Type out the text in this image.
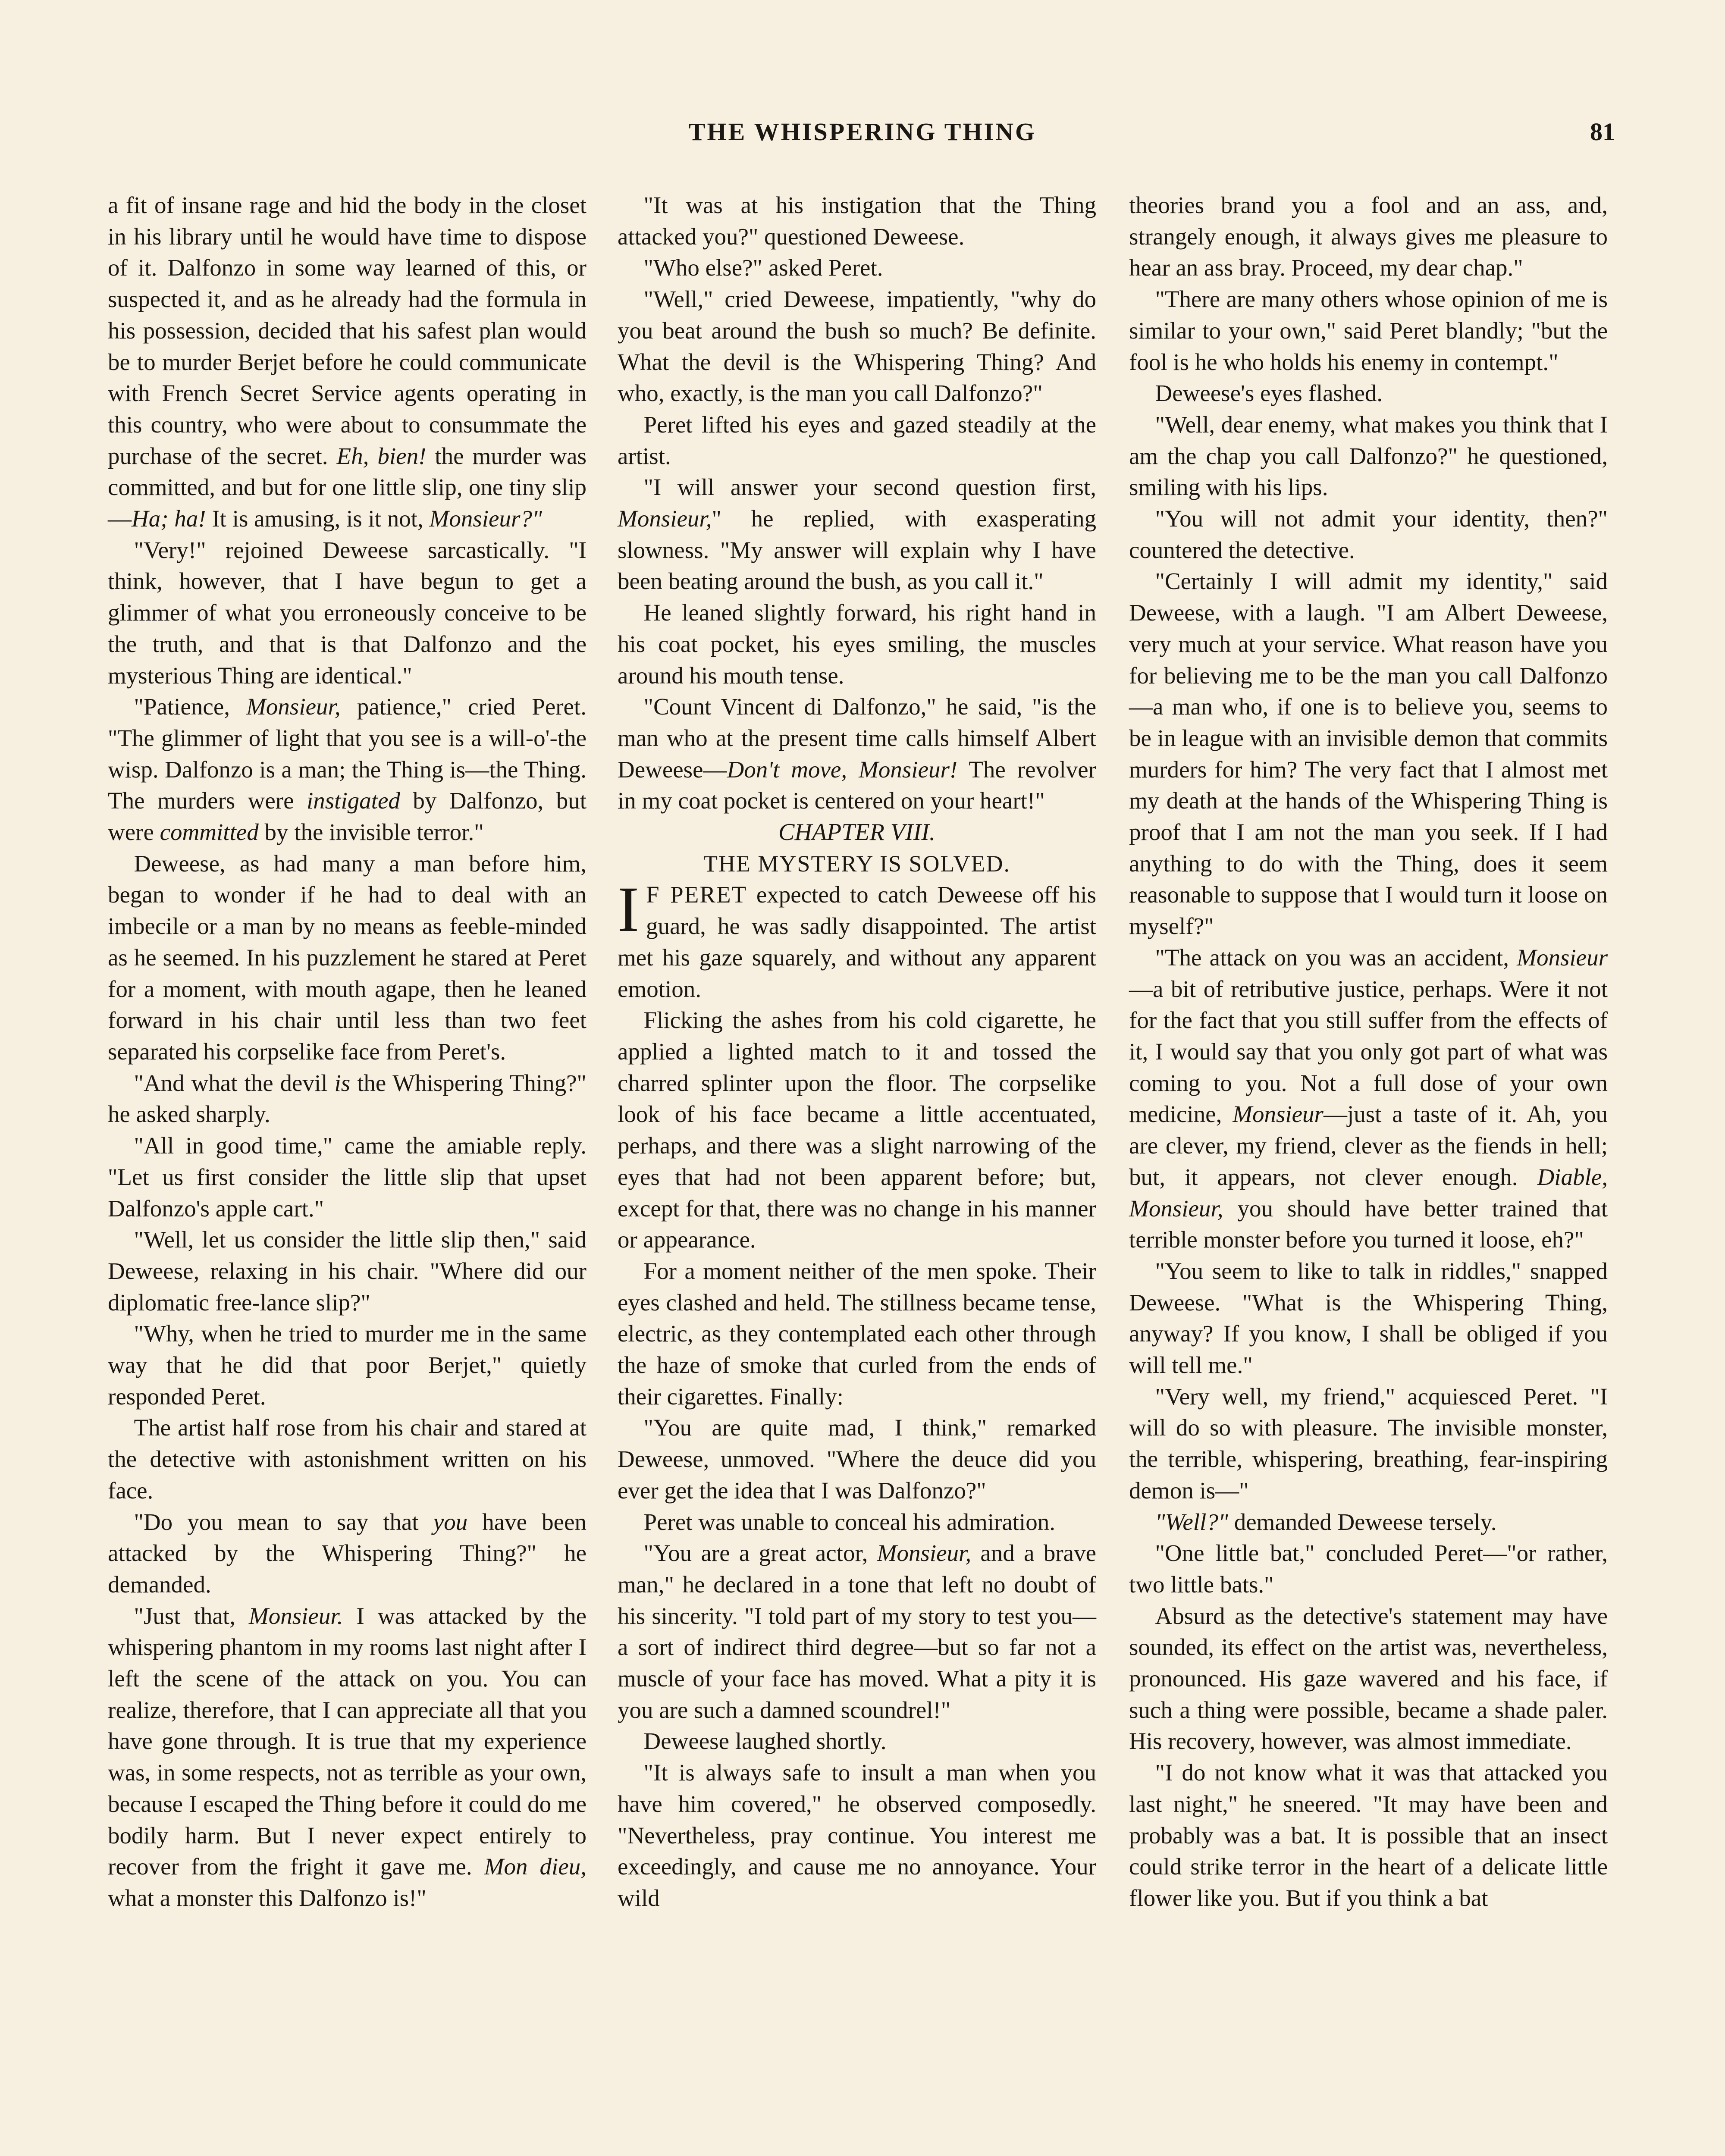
THE WHISPERING THING	81

a fit of insane rage and hid the body in the closet in his library until he would have time to dispose of it. Dalfonzo in some way learned of this, or suspected it, and as he already had the formula in his possession, decided that his safest plan would be to murder Berjet before he could communicate with French Secret Service agents operating in this country, who were about to consummate the purchase of the secret. Eh, bien! the murder was committed, and but for one little slip, one tiny slip—Ha; ha! It is amusing, is it not, Monsieur?"

"Very!" rejoined Deweese sarcastically. "I think, however, that I have begun to get a glimmer of what you erroneously conceive to be the truth, and that is that Dalfonzo and the mysterious Thing are identical."

"Patience, Monsieur, patience," cried Peret. "The glimmer of light that you see is a will-o'-the wisp. Dalfonzo is a man; the Thing is—the Thing. The murders were instigated by Dalfonzo, but were committed by the invisible terror."

Deweese, as had many a man before him, began to wonder if he had to deal with an imbecile or a man by no means as feeble-minded as he seemed. In his puzzlement he stared at Peret for a moment, with mouth agape, then he leaned forward in his chair until less than two feet separated his corpselike face from Peret's.

"And what the devil is the Whispering Thing?" he asked sharply.

"All in good time," came the amiable reply. "Let us first consider the little slip that upset Dalfonzo's apple cart."

"Well, let us consider the little slip then," said Deweese, relaxing in his chair. "Where did our diplomatic free-lance slip?"

"Why, when he tried to murder me in the same way that he did that poor Berjet," quietly responded Peret.

The artist half rose from his chair and stared at the detective with astonishment written on his face.

"Do you mean to say that you have been attacked by the Whispering Thing?" he demanded.

"Just that, Monsieur. I was attacked by the whispering phantom in my rooms last night after I left the scene of the attack on you. You can realize, therefore, that I can appreciate all that you have gone through. It is true that my experience was, in some respects, not as terrible as your own, because I escaped the Thing before it could do me bodily harm. But I never expect entirely to recover from the fright it gave me. Mon dieu, what a monster this Dalfonzo is!"

"It was at his instigation that the Thing attacked you?" questioned Deweese.

"Who else?" asked Peret.

"Well," cried Deweese, impatiently, "why do you beat around the bush so much? Be definite. What the devil is the Whispering Thing? And who, exactly, is the man you call Dalfonzo?"

Peret lifted his eyes and gazed steadily at the artist.

"I will answer your second question first, Monsieur," he replied, with exasperating slowness. "My answer will explain why I have been beating around the bush, as you call it."

He leaned slightly forward, his right hand in his coat pocket, his eyes smiling, the muscles around his mouth tense.

"Count Vincent di Dalfonzo," he said, "is the man who at the present time calls himself Albert Deweese—Don't move, Monsieur! The revolver in my coat pocket is centered on your heart!"

CHAPTER VIII.

THE MYSTERY IS SOLVED.

I F PERET expected to catch Deweese off his guard, he was sadly disappointed. The artist met his gaze squarely, and without any apparent emotion.

Flicking the ashes from his cold cigarette, he applied a lighted match to it and tossed the charred splinter upon the floor. The corpselike look of his face became a little accentuated, perhaps, and there was a slight narrowing of the eyes that had not been apparent before; but, except for that, there was no change in his manner or appearance.

For a moment neither of the men spoke. Their eyes clashed and held. The stillness became tense, electric, as they contemplated each other through the haze of smoke that curled from the ends of their cigarettes. Finally:

"You are quite mad, I think," remarked Deweese, unmoved. "Where the deuce did you ever get the idea that I was Dalfonzo?"

Peret was unable to conceal his admiration.

"You are a great actor, Monsieur, and a brave man," he declared in a tone that left no doubt of his sincerity. "I told part of my story to test you—a sort of indirect third degree—but so far not a muscle of your face has moved. What a pity it is you are such a damned scoundrel!"

Deweese laughed shortly.

"It is always safe to insult a man when you have him covered," he observed composedly. "Nevertheless, pray continue. You interest me exceedingly, and cause me no annoyance. Your wild

theories brand you a fool and an ass, and, strangely enough, it always gives me pleasure to hear an ass bray. Proceed, my dear chap."

"There are many others whose opinion of me is similar to your own," said Peret blandly; "but the fool is he who holds his enemy in contempt."

Deweese's eyes flashed.

"Well, dear enemy, what makes you think that I am the chap you call Dalfonzo?" he questioned, smiling with his lips.

"You will not admit your identity, then?" countered the detective.

"Certainly I will admit my identity," said Deweese, with a laugh. "I am Albert Deweese, very much at your service. What reason have you for believing me to be the man you call Dalfonzo—a man who, if one is to believe you, seems to be in league with an invisible demon that commits murders for him? The very fact that I almost met my death at the hands of the Whispering Thing is proof that I am not the man you seek. If I had anything to do with the Thing, does it seem reasonable to suppose that I would turn it loose on myself?"

"The attack on you was an accident, Monsieur—a bit of retributive justice, perhaps. Were it not for the fact that you still suffer from the effects of it, I would say that you only got part of what was coming to you. Not a full dose of your own medicine, Monsieur—just a taste of it. Ah, you are clever, my friend, clever as the fiends in hell; but, it appears, not clever enough. Diable, Monsieur, you should have better trained that terrible monster before you turned it loose, eh?"

"You seem to like to talk in riddles," snapped Deweese. "What is the Whispering Thing, anyway? If you know, I shall be obliged if you will tell me."

"Very well, my friend," acquiesced Peret. "I will do so with pleasure. The invisible monster, the terrible, whispering, breathing, fear-inspiring demon is—"

"Well?" demanded Deweese tersely.

"One little bat," concluded Peret—"or rather, two little bats."

Absurd as the detective's statement may have sounded, its effect on the artist was, nevertheless, pronounced. His gaze wavered and his face, if such a thing were possible, became a shade paler. His recovery, however, was almost immediate.

"I do not know what it was that attacked you last night," he sneered. "It may have been and probably was a bat. It is possible that an insect could strike terror in the heart of a delicate little flower like you. But if you think a bat
